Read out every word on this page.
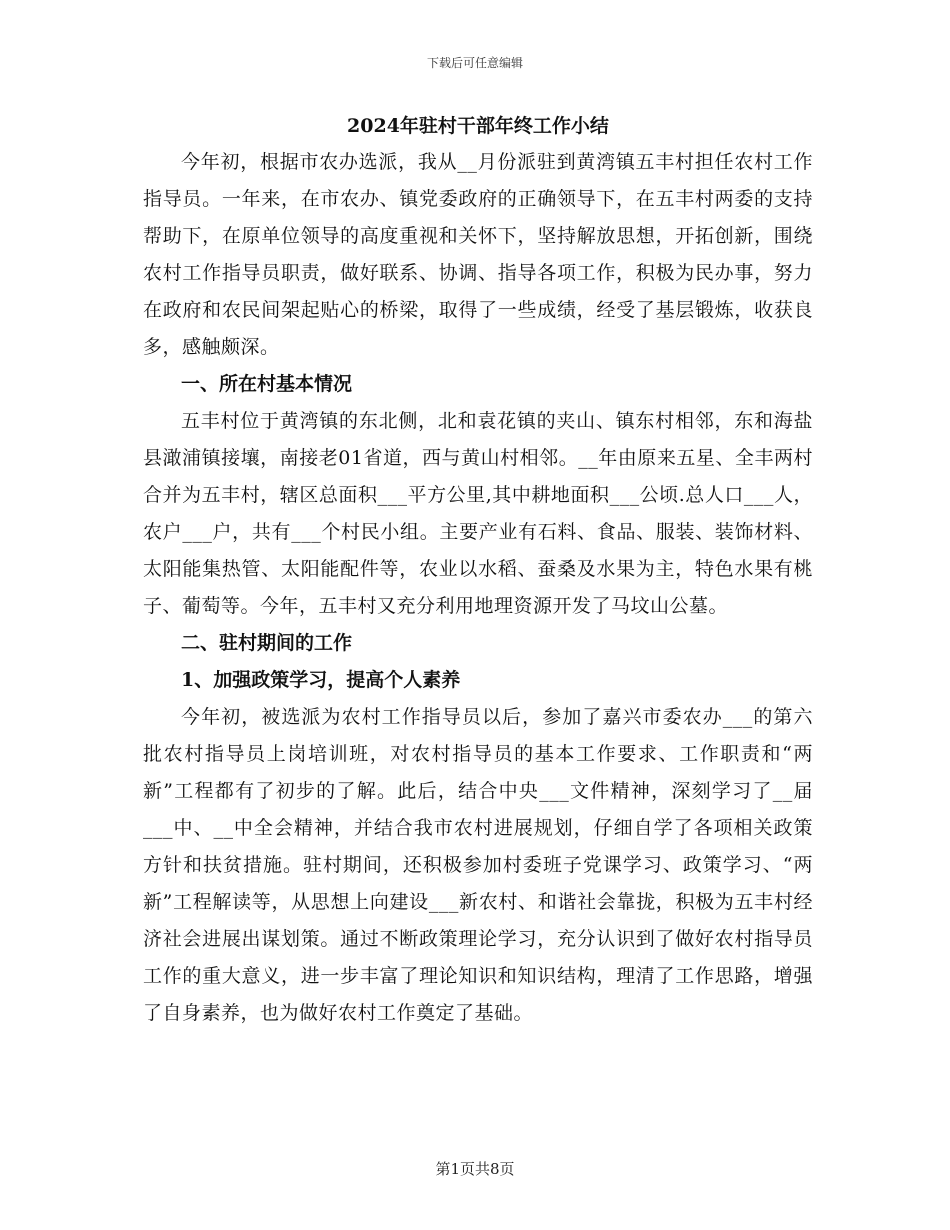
下载后可任意编辑
2024年驻村干部年终工作小结

今年初，根据市农办选派，我从__月份派驻到黄湾镇五丰村担任农村工作指导员。一年来，在市农办、镇党委政府的正确领导下，在五丰村两委的支持帮助下，在原单位领导的高度重视和关怀下，坚持解放思想，开拓创新，围绕农村工作指导员职责，做好联系、协调、指导各项工作，积极为民办事，努力在政府和农民间架起贴心的桥梁，取得了一些成绩，经受了基层锻炼，收获良多，感触颇深。

一、所在村基本情况

五丰村位于黄湾镇的东北侧，北和袁花镇的夹山、镇东村相邻，东和海盐县澉浦镇接壤，南接老01省道，西与黄山村相邻。__年由原来五星、全丰两村合并为五丰村，辖区总面积___平方公里,其中耕地面积___公顷.总人口___人，农户___户，共有___个村民小组。主要产业有石料、食品、服装、装饰材料、太阳能集热管、太阳能配件等，农业以水稻、蚕桑及水果为主，特色水果有桃子、葡萄等。今年，五丰村又充分利用地理资源开发了马坟山公墓。

二、驻村期间的工作

1、加强政策学习，提高个人素养

今年初，被选派为农村工作指导员以后，参加了嘉兴市委农办___的第六批农村指导员上岗培训班，对农村指导员的基本工作要求、工作职责和“两新”工程都有了初步的了解。此后，结合中央___文件精神，深刻学习了__届___中、__中全会精神，并结合我市农村进展规划，仔细自学了各项相关政策方针和扶贫措施。驻村期间，还积极参加村委班子党课学习、政策学习、“两新”工程解读等，从思想上向建设___新农村、和谐社会靠拢，积极为五丰村经济社会进展出谋划策。通过不断政策理论学习，充分认识到了做好农村指导员工作的重大意义，进一步丰富了理论知识和知识结构，理清了工作思路，增强了自身素养，也为做好农村工作奠定了基础。

第1页共8页
